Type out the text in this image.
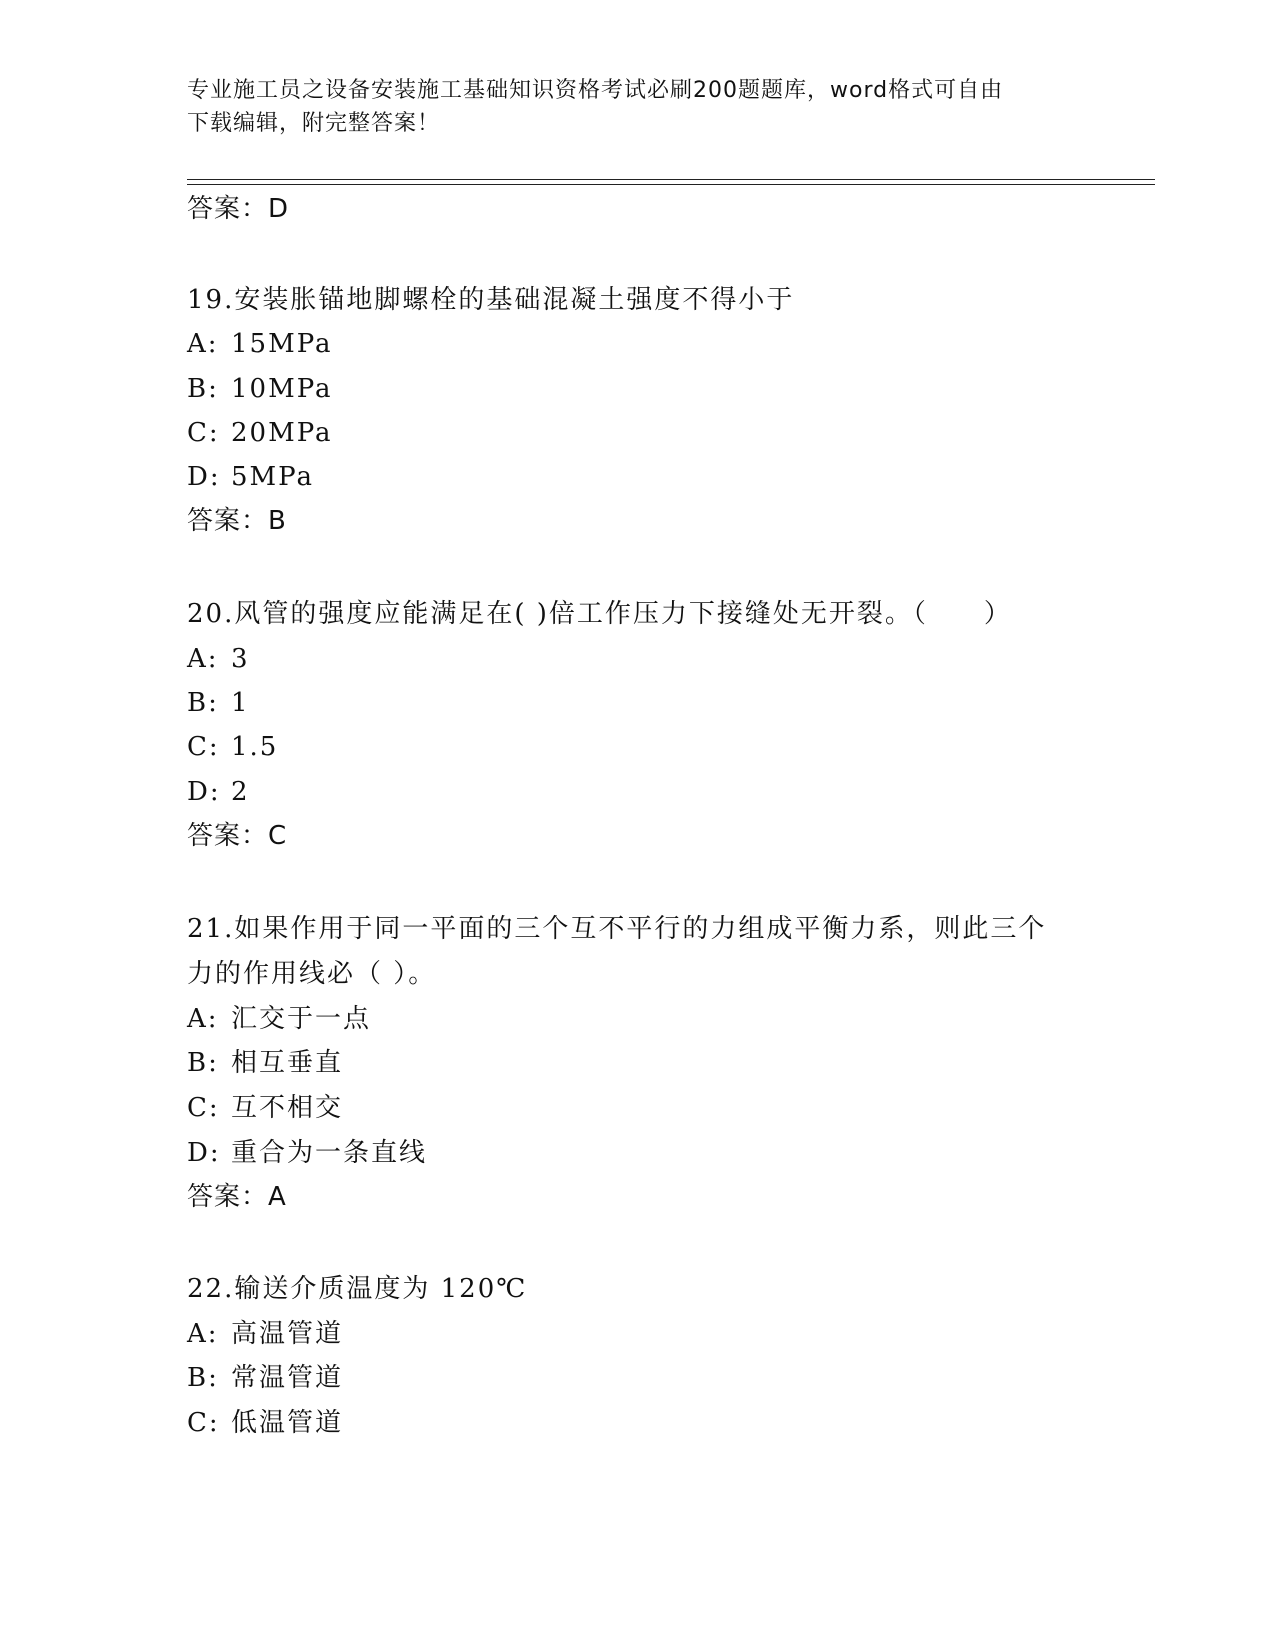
专业施工员之设备安装施工基础知识资格考试必刷200题题库，word格式可自由
下载编辑，附完整答案！
答案：D
19.安装胀锚地脚螺栓的基础混凝土强度不得小于
A: 15MPa
B: 10MPa
C: 20MPa
D: 5MPa
答案：B
20.风管的强度应能满足在( )倍工作压力下接缝处无开裂。（　　）
A: 3
B: 1
C: 1.5
D: 2
答案：C
21.如果作用于同一平面的三个互不平行的力组成平衡力系，则此三个
力的作用线必（ ）。
A: 汇交于一点
B: 相互垂直
C: 互不相交
D: 重合为一条直线
答案：A
22.输送介质温度为 120℃
A: 高温管道
B: 常温管道
C: 低温管道
